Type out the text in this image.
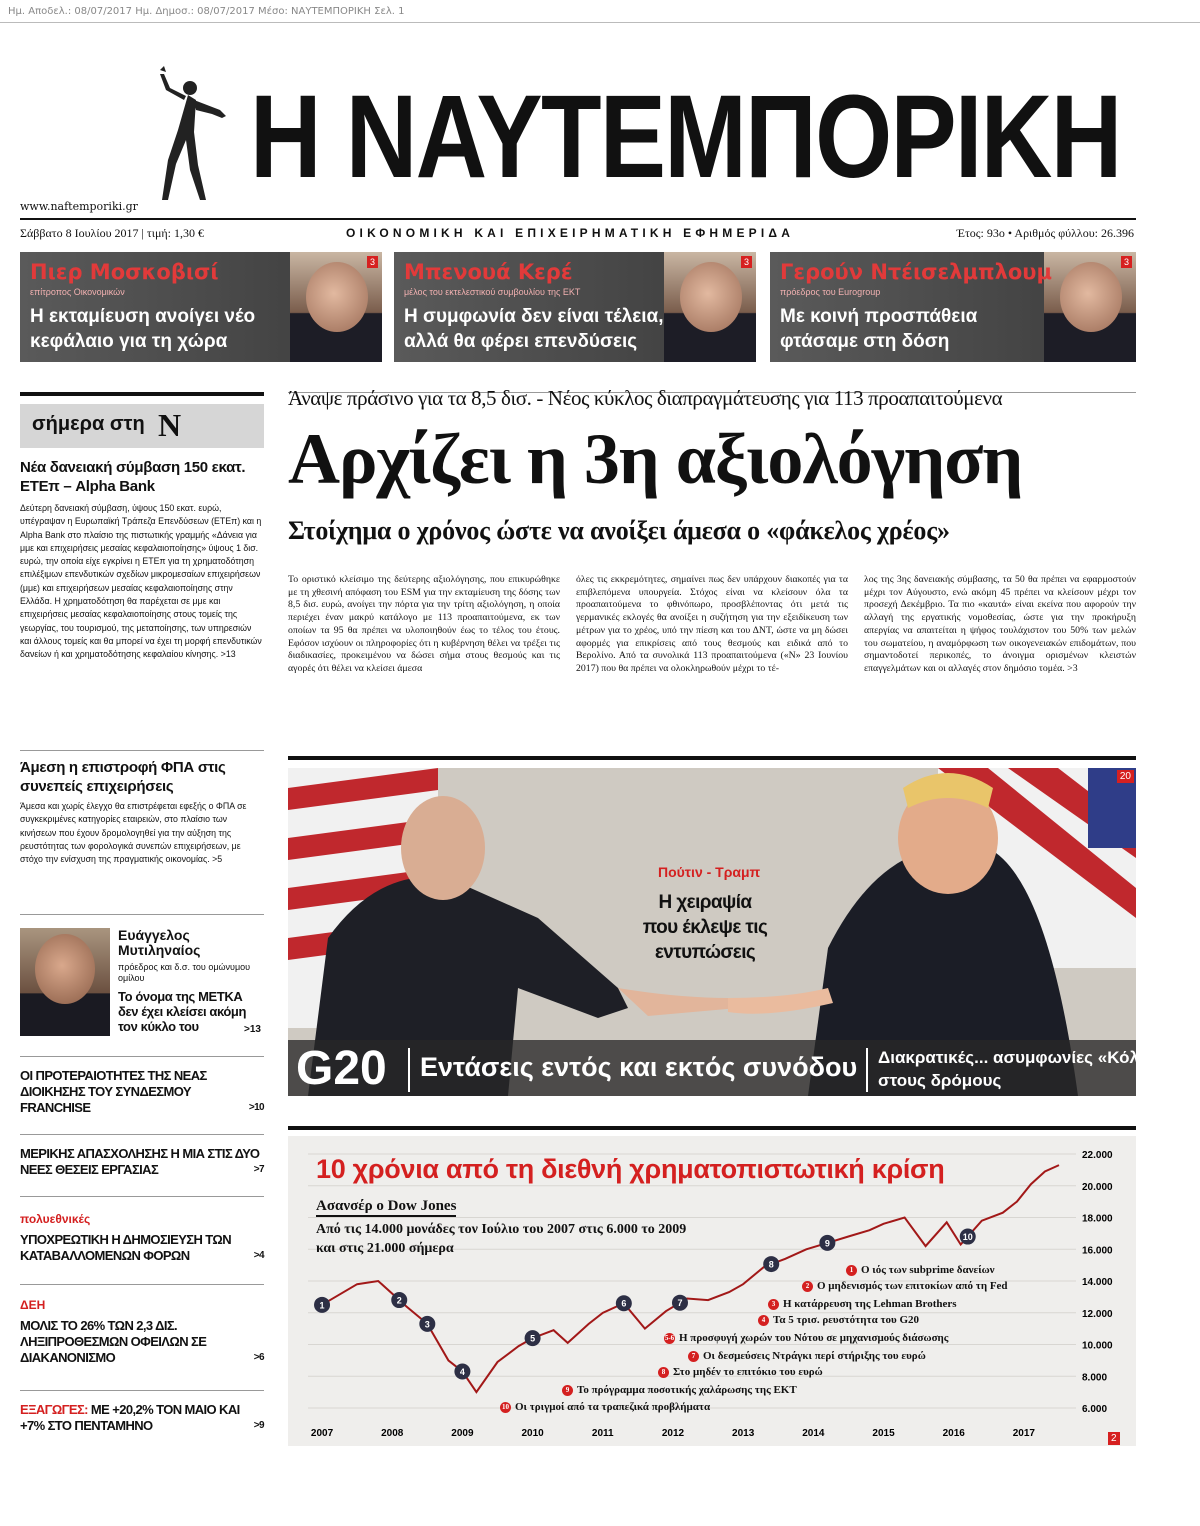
Ημ. Αποδελ.: 08/07/2017 Ημ. Δημοσ.: 08/07/2017 Μέσο: ΝΑΥΤΕΜΠΟΡΙΚΗ Σελ. 1
Η ΝΑΥΤΕΜΠΟΡΙΚΗ
www.naftemporiki.gr
Σάββατο 8 Ιουλίου 2017 | τιμή: 1,30 €	ΟΙΚΟΝΟΜΙΚΗ ΚΑΙ ΕΠΙΧΕΙΡΗΜΑΤΙΚΗ ΕΦΗΜΕΡΙΔΑ	Έτος: 93ο • Αριθμός φύλλου: 26.396
3
Πιερ Μοσκοβισί
επίτροπος Οικονομικών
Η εκταμίευση ανοίγει νέο κεφάλαιο για τη χώρα
3
Μπενουά Κερέ
μέλος του εκτελεστικού συμβουλίου της ΕΚΤ
Η συμφωνία δεν είναι τέλεια, αλλά θα φέρει επενδύσεις
3
Γερούν Ντέισελμπλουμ
πρόεδρος του Eurogroup
Με κοινή προσπάθεια φτάσαμε στη δόση
σήμερα στη N
Νέα δανειακή σύμβαση 150 εκατ. ΕΤΕπ – Alpha Bank
Δεύτερη δανειακή σύμβαση, ύψους 150 εκατ. ευρώ, υπέγραψαν η Ευρωπαϊκή Τράπεζα Επενδύσεων (ΕΤΕπ) και η Alpha Bank στο πλαίσιο της πιστωτικής γραμμής «Δάνεια για μμε και επιχειρήσεις μεσαίας κεφαλαιοποίησης» ύψους 1 δισ. ευρώ, την οποία είχε εγκρίνει η ΕΤΕπ για τη χρηματοδότηση επιλέξιμων επενδυτικών σχεδίων μικρομεσαίων επιχειρήσεων (μμε) και επιχειρήσεων μεσαίας κεφαλαιοποίησης στην Ελλάδα. Η χρηματοδότηση θα παρέχεται σε μμε και επιχειρήσεις μεσαίας κεφαλαιοποίησης στους τομείς της γεωργίας, του τουρισμού, της μεταποίησης, των υπηρεσιών και άλλους τομείς και θα μπορεί να έχει τη μορφή επενδυτικών δανείων ή και χρηματοδότησης κεφαλαίου κίνησης. >13
Άμεση η επιστροφή ΦΠΑ στις συνεπείς επιχειρήσεις
Άμεσα και χωρίς έλεγχο θα επιστρέφεται εφεξής ο ΦΠΑ σε συγκεκριμένες κατηγορίες εταιρειών, στο πλαίσιο των κινήσεων που έχουν δρομολογηθεί για την αύξηση της ρευστότητας των φορολογικά συνεπών επιχειρήσεων, με στόχο την ενίσχυση της πραγματικής οικονομίας. >5
Ευάγγελος Μυτιληναίος
πρόεδρος και δ.σ. του ομώνυμου ομίλου
Το όνομα της ΜΕΤΚΑ δεν έχει κλείσει ακόμη τον κύκλο του	>13
ΟΙ ΠΡΟΤΕΡΑΙΟΤΗΤΕΣ ΤΗΣ ΝΕΑΣ ΔΙΟΙΚΗΣΗΣ ΤΟΥ ΣΥΝΔΕΣΜΟΥ FRANCHISE	>10
ΜΕΡΙΚΗΣ ΑΠΑΣΧΟΛΗΣΗΣ Η ΜΙΑ ΣΤΙΣ ΔΥΟ ΝΕΕΣ ΘΕΣΕΙΣ ΕΡΓΑΣΙΑΣ	>7
πολυεθνικές
ΥΠΟΧΡΕΩΤΙΚΗ Η ΔΗΜΟΣΙΕΥΣΗ ΤΩΝ ΚΑΤΑΒΑΛΛΟΜΕΝΩΝ ΦΟΡΩΝ	>4
ΔΕΗ
ΜΟΛΙΣ ΤΟ 26% ΤΩΝ 2,3 ΔΙΣ. ΛΗΞΙΠΡΟΘΕΣΜΩΝ ΟΦΕΙΛΩΝ ΣΕ ΔΙΑΚΑΝΟΝΙΣΜΟ	>6
ΕΞΑΓΩΓΕΣ: ΜΕ +20,2% ΤΟΝ ΜΑΙΟ ΚΑΙ +7% ΣΤΟ ΠΕΝΤΑΜΗΝΟ	>9
Άναψε πράσινο για τα 8,5 δισ. - Νέος κύκλος διαπραγμάτευσης για 113 προαπαιτούμενα
Αρχίζει η 3η αξιολόγηση
Στοίχημα ο χρόνος ώστε να ανοίξει άμεσα ο «φάκελος χρέος»
Το οριστικό κλείσιμο της δεύτερης αξιολόγησης, που επικυρώθηκε με τη χθεσινή απόφαση του ESM για την εκταμίευση της δόσης των 8,5 δισ. ευρώ, ανοίγει την πόρτα για την τρίτη αξιολόγηση, η οποία περιέχει έναν μακρύ κατάλογο με 113 προαπαιτούμενα, εκ των οποίων τα 95 θα πρέπει να υλοποιηθούν έως το τέλος του έτους. Εφόσον ισχύουν οι πληροφορίες ότι η κυβέρνηση θέλει να τρέξει τις διαδικασίες, προκειμένου να δώσει σήμα στους θεσμούς και τις αγορές ότι θέλει να κλείσει άμεσα
όλες τις εκκρεμότητες, σημαίνει πως δεν υπάρχουν διακοπές για τα επιβλεπόμενα υπουργεία. Στόχος είναι να κλείσουν όλα τα προαπαιτούμενα το φθινόπωρο, προσβλέποντας ότι μετά τις γερμανικές εκλογές θα ανοίξει η συζήτηση για την εξειδίκευση των μέτρων για το χρέος, υπό την πίεση και του ΔΝΤ, ώστε να μη δώσει αφορμές για επικρίσεις από τους θεσμούς και ειδικά από το Βερολίνο. Από τα συνολικά 113 προαπαιτούμενα («Ν» 23 Ιουνίου 2017) που θα πρέπει να ολοκληρωθούν μέχρι το τέ-
λος της 3ης δανειακής σύμβασης, τα 50 θα πρέπει να εφαρμοστούν μέχρι τον Αύγουστο, ενώ ακόμη 45 πρέπει να κλείσουν μέχρι τον προσεχή Δεκέμβριο. Τα πιο «καυτά» είναι εκείνα που αφορούν την αλλαγή της εργατικής νομοθεσίας, ώστε για την προκήρυξη απεργίας να απαιτείται η ψήφος τουλάχιστον του 50% των μελών του σωματείου, η αναμόρφωση των οικογενειακών επιδομάτων, που σημαντοδοτεί περικοπές, το άνοιγμα ορισμένων κλειστών επαγγελμάτων και οι αλλαγές στον δημόσιο τομέα. >3
20
Πούτιν - Τραμπ
Η χειραψία που έκλεψε τις εντυπώσεις
G20 Εντάσεις εντός και εκτός συνόδου Διακρατικές... ασυμφωνίες «Κόλαση» στους δρόμους
6.000
8.000
10.000
12.000
14.000
16.000
18.000
20.000
22.000
2007	2008	2009	2010	2011	2012	2013	2014	2015	2016	2017
1	2
3
4
5
6	7
8
9
10
10 χρόνια από τη διεθνή χρηματοπιστωτική κρίση
Ασανσέρ ο Dow Jones
Από τις 14.000 μονάδες τον Ιούλιο του 2007 στις 6.000 το 2009 και στις 21.000 σήμερα
1 Ο ιός των subprime δανείων
2 Ο μηδενισμός των επιτοκίων από τη Fed
3 Η κατάρρευση της Lehman Brothers
4 Τα 5 τρισ. ρευστότητα του G20
5-6 Η προσφυγή χωρών του Νότου σε μηχανισμούς διάσωσης
7 Οι δεσμεύσεις Ντράγκι περί στήριξης του ευρώ
8 Στο μηδέν το επιτόκιο του ευρώ
9 Το πρόγραμμα ποσοτικής χαλάρωσης της ΕΚΤ
10 Οι τριγμοί από τα τραπεζικά προβλήματα
2
